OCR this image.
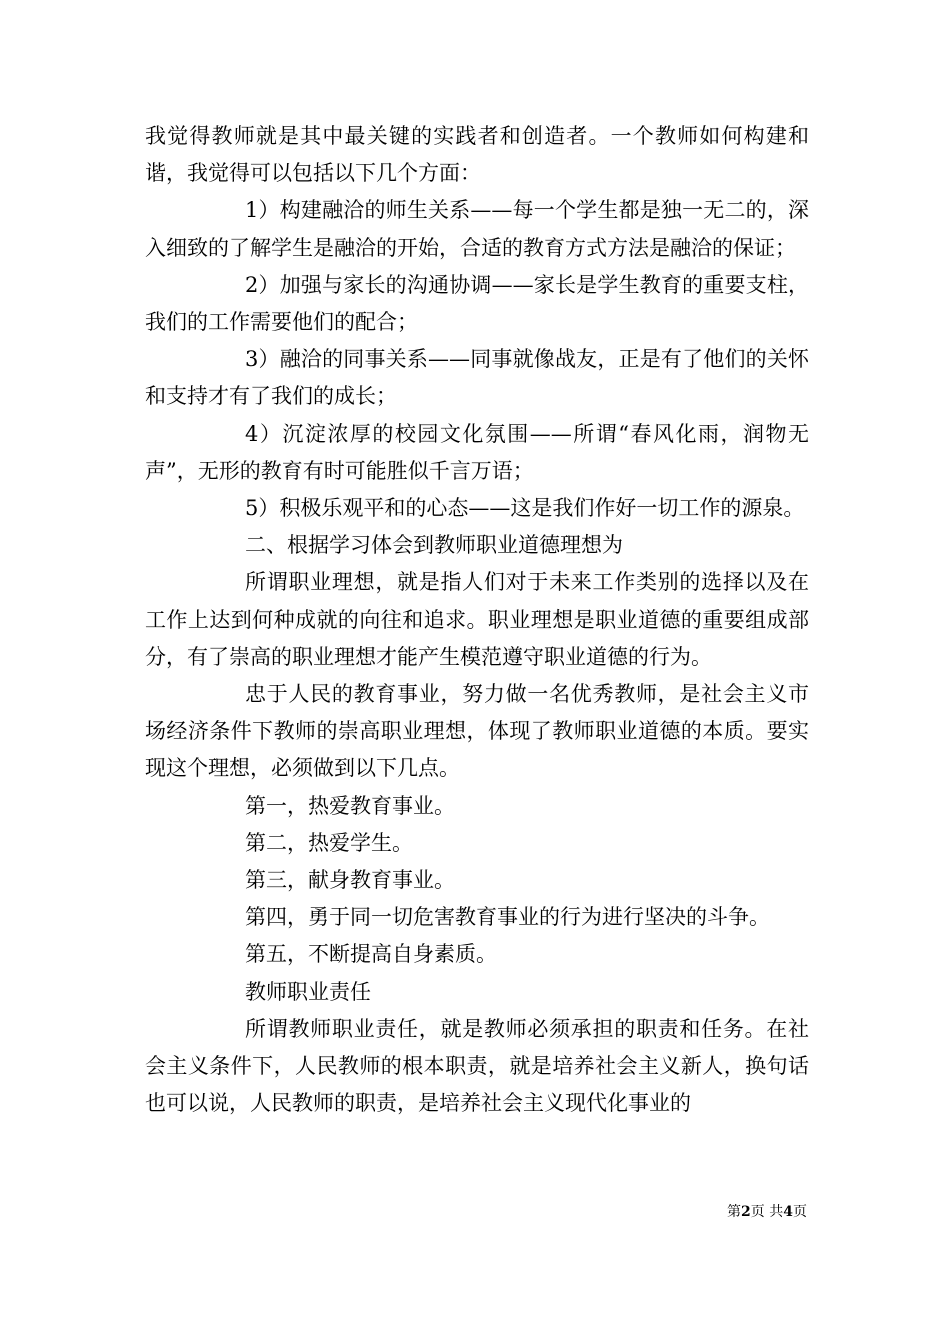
我觉得教师就是其中最关键的实践者和创造者。一个教师如何构建和谐，我觉得可以包括以下几个方面：

1）构建融洽的师生关系——每一个学生都是独一无二的，深入细致的了解学生是融洽的开始，合适的教育方式方法是融洽的保证；

2）加强与家长的沟通协调——家长是学生教育的重要支柱，我们的工作需要他们的配合；

3）融洽的同事关系——同事就像战友，正是有了他们的关怀和支持才有了我们的成长；

4）沉淀浓厚的校园文化氛围——所谓“春风化雨，润物无声”，无形的教育有时可能胜似千言万语；

5）积极乐观平和的心态——这是我们作好一切工作的源泉。

二、根据学习体会到教师职业道德理想为

所谓职业理想，就是指人们对于未来工作类别的选择以及在工作上达到何种成就的向往和追求。职业理想是职业道德的重要组成部分，有了崇高的职业理想才能产生模范遵守职业道德的行为。

忠于人民的教育事业，努力做一名优秀教师，是社会主义市场经济条件下教师的崇高职业理想，体现了教师职业道德的本质。要实现这个理想，必须做到以下几点。

第一，热爱教育事业。

第二，热爱学生。

第三，献身教育事业。

第四，勇于同一切危害教育事业的行为进行坚决的斗争。

第五，不断提高自身素质。

教师职业责任

所谓教师职业责任，就是教师必须承担的职责和任务。在社会主义条件下，人民教师的根本职责，就是培养社会主义新人，换句话也可以说，人民教师的职责，是培养社会主义现代化事业的

第2页 共4页
